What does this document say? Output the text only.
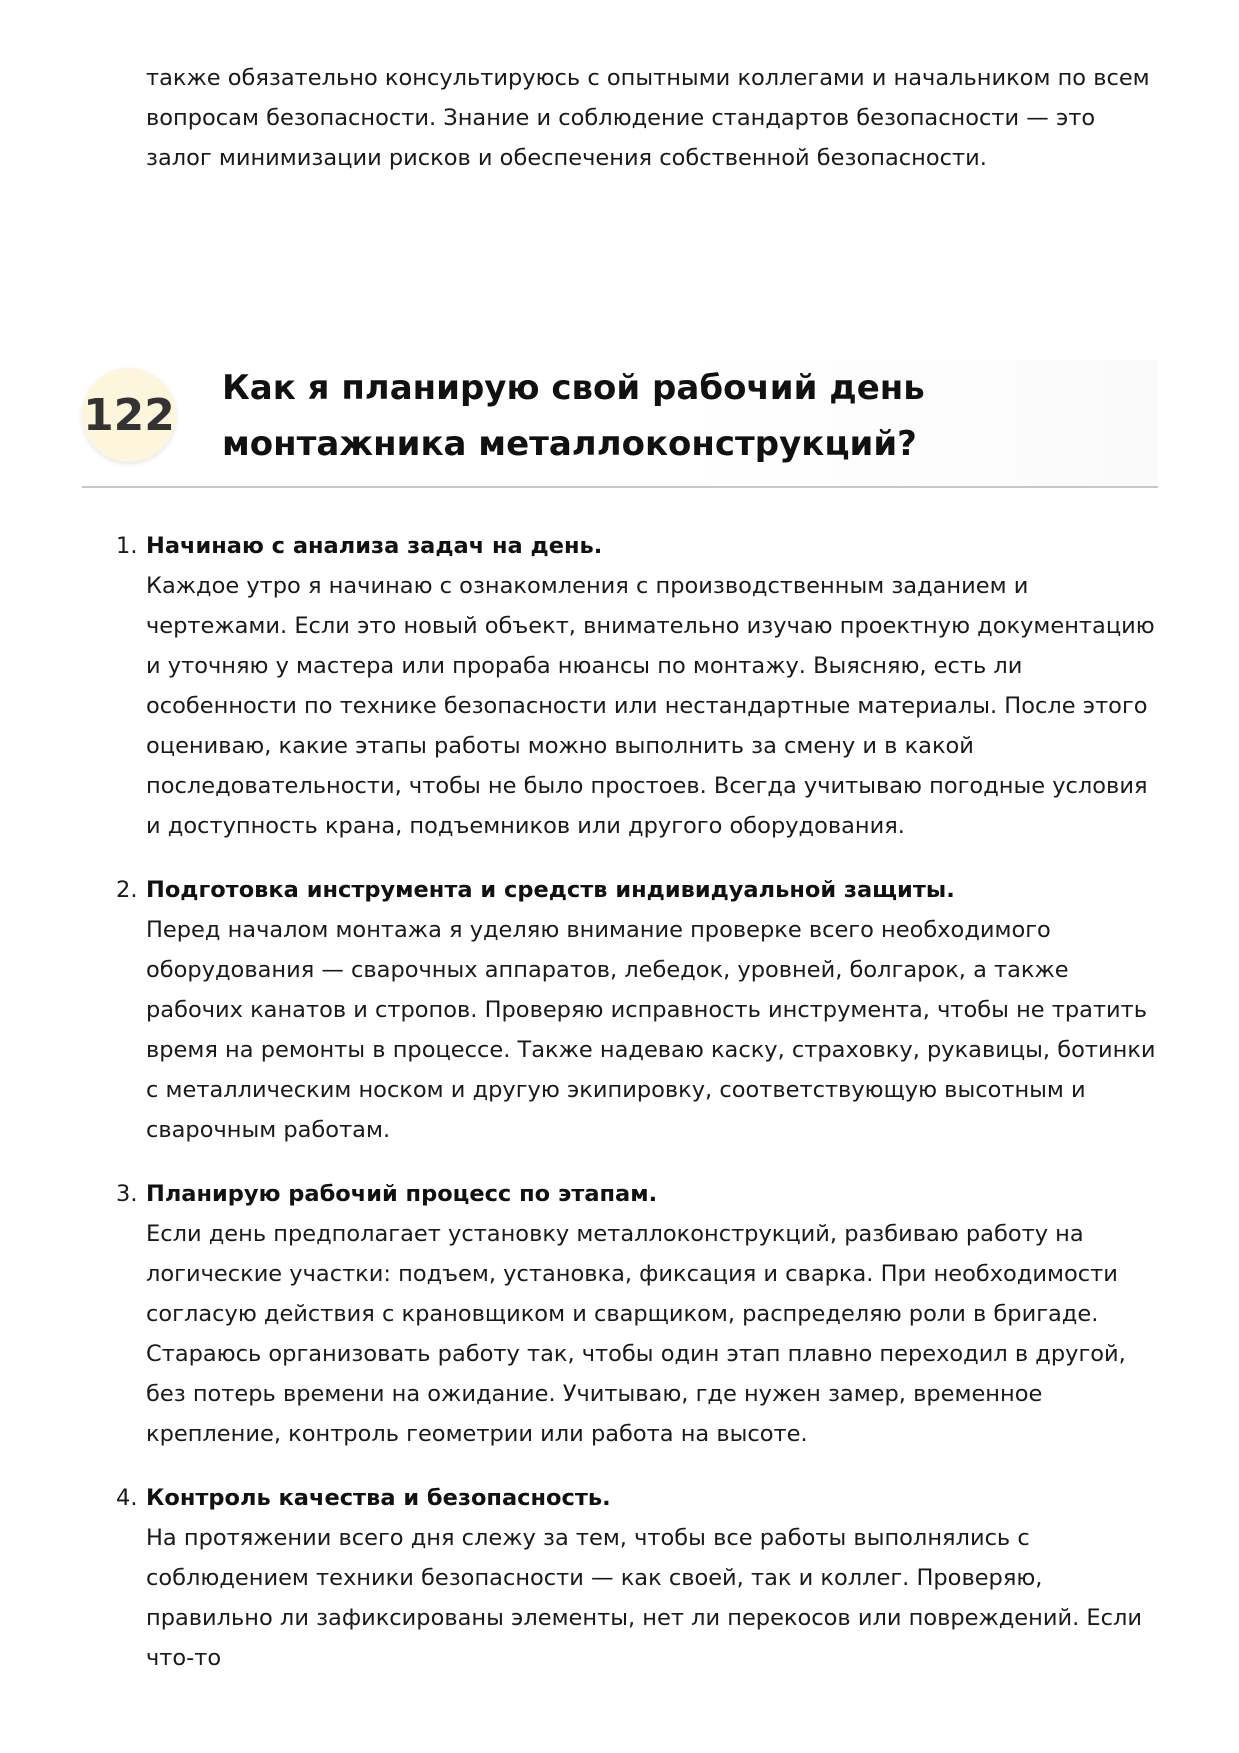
также обязательно консультируюсь с опытными коллегами и начальником по всем вопросам безопасности. Знание и соблюдение стандартов безопасности — это залог минимизации рисков и обеспечения собственной безопасности.

122
Как я планирую свой рабочий день монтажника металлоконструкций?
1. Начинаю с анализа задач на день.

Каждое утро я начинаю с ознакомления с производственным заданием и чертежами. Если это новый объект, внимательно изучаю проектную документацию и уточняю у мастера или прораба нюансы по монтажу. Выясняю, есть ли особенности по технике безопасности или нестандартные материалы. После этого оцениваю, какие этапы работы можно выполнить за смену и в какой последовательности, чтобы не было простоев. Всегда учитываю погодные условия и доступность крана, подъемников или другого оборудования.

2. Подготовка инструмента и средств индивидуальной защиты.

Перед началом монтажа я уделяю внимание проверке всего необходимого оборудования — сварочных аппаратов, лебедок, уровней, болгарок, а также рабочих канатов и стропов. Проверяю исправность инструмента, чтобы не тратить время на ремонты в процессе. Также надеваю каску, страховку, рукавицы, ботинки с металлическим носком и другую экипировку, соответствующую высотным и сварочным работам.

3. Планирую рабочий процесс по этапам.

Если день предполагает установку металлоконструкций, разбиваю работу на логические участки: подъем, установка, фиксация и сварка. При необходимости согласую действия с крановщиком и сварщиком, распределяю роли в бригаде. Стараюсь организовать работу так, чтобы один этап плавно переходил в другой, без потерь времени на ожидание. Учитываю, где нужен замер, временное крепление, контроль геометрии или работа на высоте.

4. Контроль качества и безопасность.

На протяжении всего дня слежу за тем, чтобы все работы выполнялись с соблюдением техники безопасности — как своей, так и коллег. Проверяю, правильно ли зафиксированы элементы, нет ли перекосов или повреждений. Если что-то
